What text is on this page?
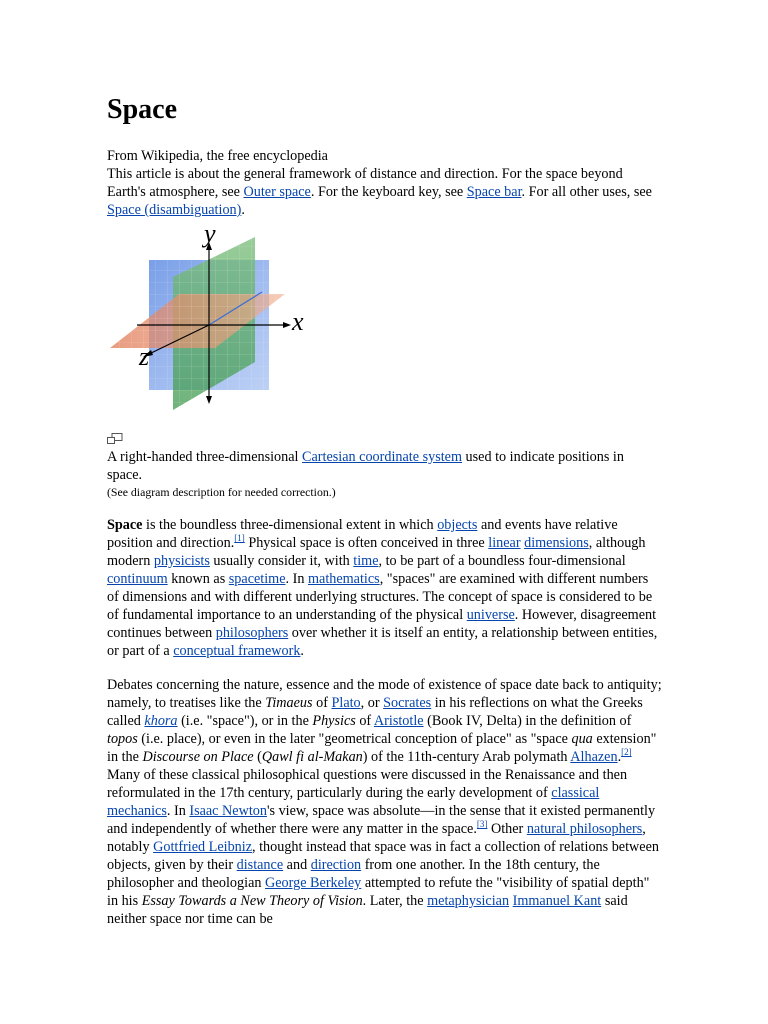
Space

From Wikipedia, the free encyclopedia

This article is about the general framework of distance and direction. For the space beyond Earth's atmosphere, see Outer space. For the keyboard key, see Space bar. For all other uses, see Space (disambiguation).

y
x
z

A right-handed three-dimensional Cartesian coordinate system used to indicate positions in space.

(See diagram description for needed correction.)

Space is the boundless three-dimensional extent in which objects and events have relative position and direction.[1] Physical space is often conceived in three linear dimensions, although modern physicists usually consider it, with time, to be part of a boundless four-dimensional continuum known as spacetime. In mathematics, "spaces" are examined with different numbers of dimensions and with different underlying structures. The concept of space is considered to be of fundamental importance to an understanding of the physical universe. However, disagreement continues between philosophers over whether it is itself an entity, a relationship between entities, or part of a conceptual framework.

Debates concerning the nature, essence and the mode of existence of space date back to antiquity; namely, to treatises like the Timaeus of Plato, or Socrates in his reflections on what the Greeks called khora (i.e. "space"), or in the Physics of Aristotle (Book IV, Delta) in the definition of topos (i.e. place), or even in the later "geometrical conception of place" as "space qua extension" in the Discourse on Place (Qawl fi al-Makan) of the 11th-century Arab polymath Alhazen.[2] Many of these classical philosophical questions were discussed in the Renaissance and then reformulated in the 17th century, particularly during the early development of classical mechanics. In Isaac Newton's view, space was absolute—in the sense that it existed permanently and independently of whether there were any matter in the space.[3] Other natural philosophers, notably Gottfried Leibniz, thought instead that space was in fact a collection of relations between objects, given by their distance and direction from one another. In the 18th century, the philosopher and theologian George Berkeley attempted to refute the "visibility of spatial depth" in his Essay Towards a New Theory of Vision. Later, the metaphysician Immanuel Kant said neither space nor time can be
